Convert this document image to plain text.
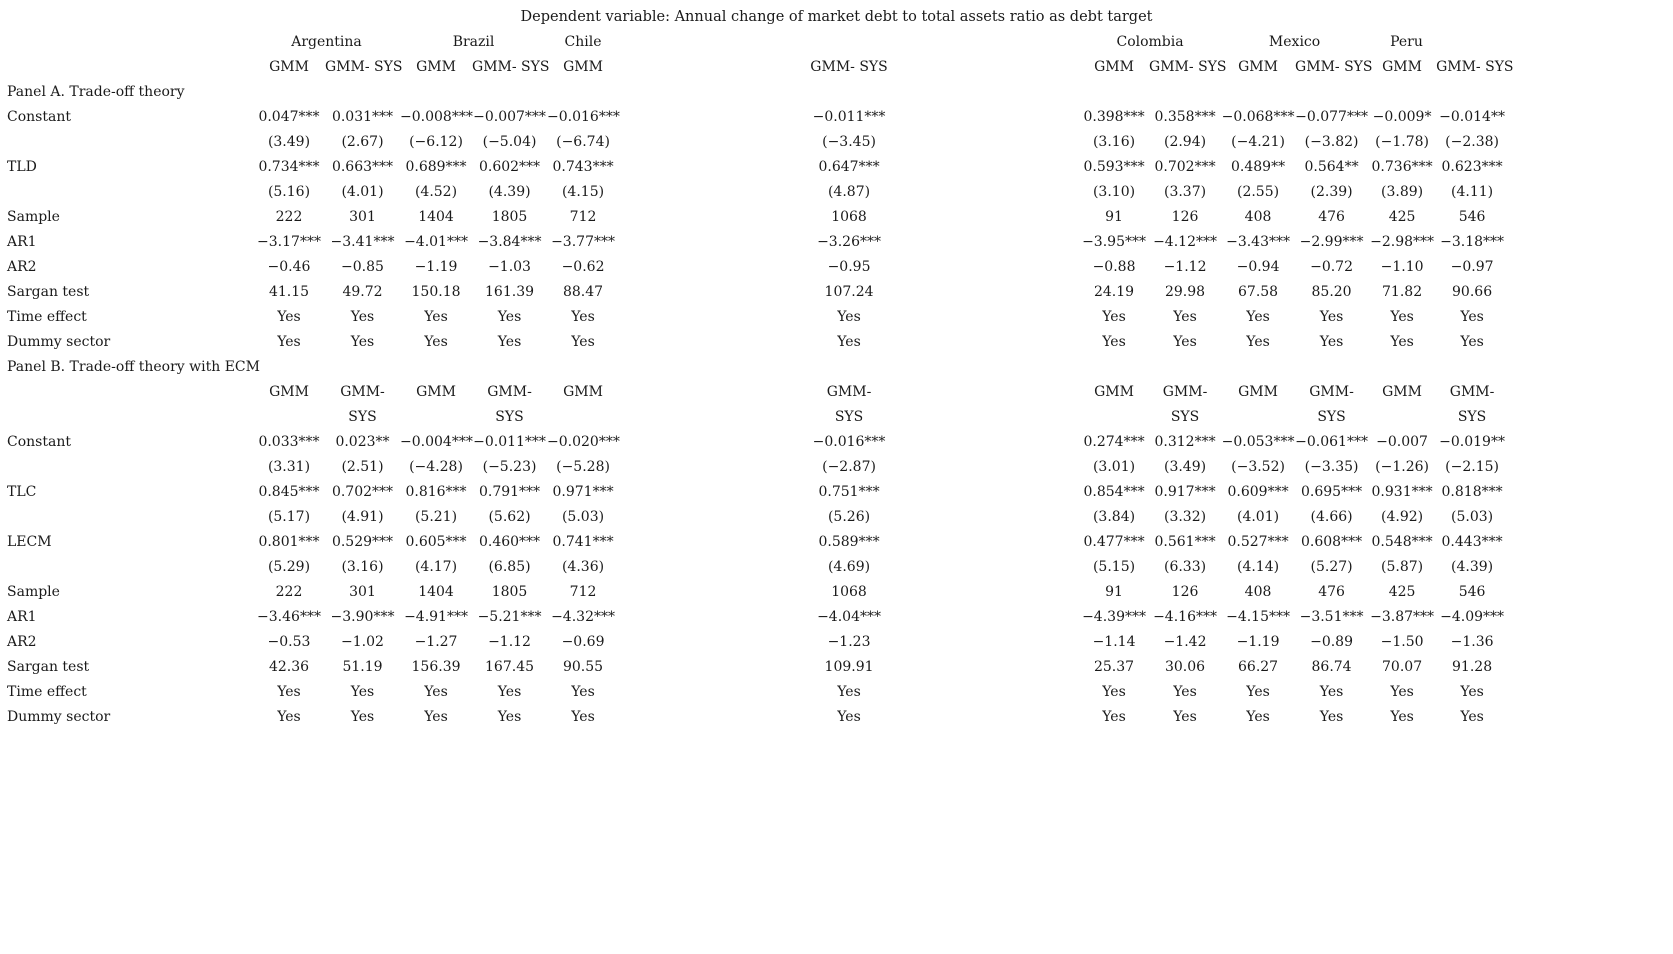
Dependent variable: Annual change of market debt to total assets ratio as debt target
	Argentina		Brazil		Chile		Colombia		Mexico		Peru	
	GMM	GMM- SYS	GMM	GMM- SYS	GMM	GMM- SYS	GMM	GMM- SYS	GMM	GMM- SYS	GMM	GMM- SYS
Panel A. Trade-off theory												
Constant	0.047***	0.031***	−0.008***	−0.007***	−0.016***	−0.011***	0.398***	0.358***	−0.068***	−0.077***	−0.009*	−0.014**
	(3.49)	(2.67)	(−6.12)	(−5.04)	(−6.74)	(−3.45)	(3.16)	(2.94)	(−4.21)	(−3.82)	(−1.78)	(−2.38)
TLD	0.734***	0.663***	0.689***	0.602***	0.743***	0.647***	0.593***	0.702***	0.489**	0.564**	0.736***	0.623***
	(5.16)	(4.01)	(4.52)	(4.39)	(4.15)	(4.87)	(3.10)	(3.37)	(2.55)	(2.39)	(3.89)	(4.11)
Sample	222	301	1404	1805	712	1068	91	126	408	476	425	546
AR1	−3.17***	−3.41***	−4.01***	−3.84***	−3.77***	−3.26***	−3.95***	−4.12***	−3.43***	−2.99***	−2.98***	−3.18***
AR2	−0.46	−0.85	−1.19	−1.03	−0.62	−0.95	−0.88	−1.12	−0.94	−0.72	−1.10	−0.97
Sargan test	41.15	49.72	150.18	161.39	88.47	107.24	24.19	29.98	67.58	85.20	71.82	90.66
Time effect	Yes	Yes	Yes	Yes	Yes	Yes	Yes	Yes	Yes	Yes	Yes	Yes
Dummy sector	Yes	Yes	Yes	Yes	Yes	Yes	Yes	Yes	Yes	Yes	Yes	Yes
Panel B. Trade-off theory with ECM												
	GMM	GMM-	GMM	GMM-	GMM	GMM-	GMM	GMM-	GMM	GMM-	GMM	GMM-
		SYS		SYS		SYS		SYS		SYS		SYS
Constant	0.033***	0.023**	−0.004***	−0.011***	−0.020***	−0.016***	0.274***	0.312***	−0.053***	−0.061***	−0.007	−0.019**
	(3.31)	(2.51)	(−4.28)	(−5.23)	(−5.28)	(−2.87)	(3.01)	(3.49)	(−3.52)	(−3.35)	(−1.26)	(−2.15)
TLC	0.845***	0.702***	0.816***	0.791***	0.971***	0.751***	0.854***	0.917***	0.609***	0.695***	0.931***	0.818***
	(5.17)	(4.91)	(5.21)	(5.62)	(5.03)	(5.26)	(3.84)	(3.32)	(4.01)	(4.66)	(4.92)	(5.03)
LECM	0.801***	0.529***	0.605***	0.460***	0.741***	0.589***	0.477***	0.561***	0.527***	0.608***	0.548***	0.443***
	(5.29)	(3.16)	(4.17)	(6.85)	(4.36)	(4.69)	(5.15)	(6.33)	(4.14)	(5.27)	(5.87)	(4.39)
Sample	222	301	1404	1805	712	1068	91	126	408	476	425	546
AR1	−3.46***	−3.90***	−4.91***	−5.21***	−4.32***	−4.04***	−4.39***	−4.16***	−4.15***	−3.51***	−3.87***	−4.09***
AR2	−0.53	−1.02	−1.27	−1.12	−0.69	−1.23	−1.14	−1.42	−1.19	−0.89	−1.50	−1.36
Sargan test	42.36	51.19	156.39	167.45	90.55	109.91	25.37	30.06	66.27	86.74	70.07	91.28
Time effect	Yes	Yes	Yes	Yes	Yes	Yes	Yes	Yes	Yes	Yes	Yes	Yes
Dummy sector	Yes	Yes	Yes	Yes	Yes	Yes	Yes	Yes	Yes	Yes	Yes	Yes
